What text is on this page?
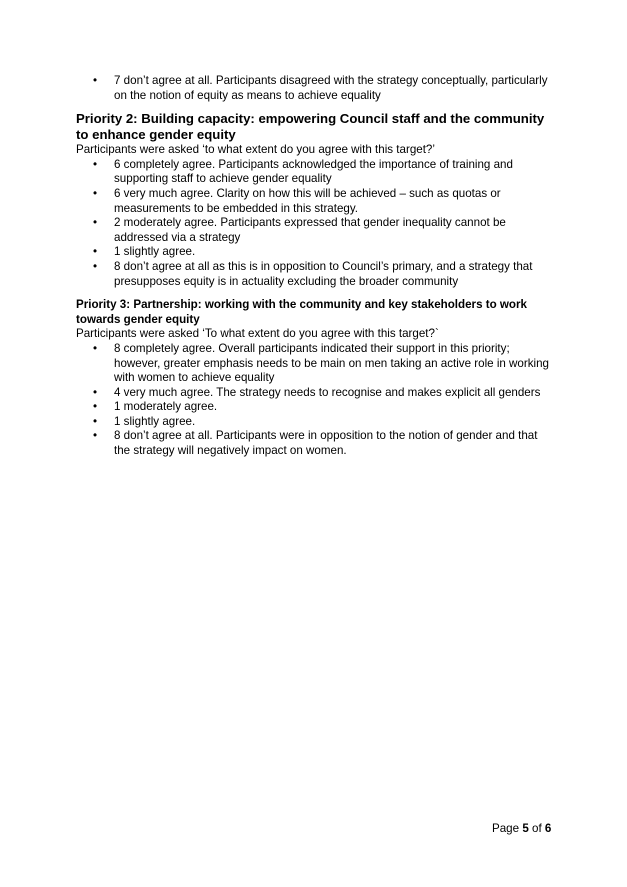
• 7 don’t agree at all. Participants disagreed with the strategy conceptually, particularly on the notion of equity as means to achieve equality

Priority 2: Building capacity: empowering Council staff and the community to enhance gender equity

Participants were asked ‘to what extent do you agree with this target?’

• 6 completely agree. Participants acknowledged the importance of training and supporting staff to achieve gender equality
• 6 very much agree. Clarity on how this will be achieved – such as quotas or measurements to be embedded in this strategy.
• 2 moderately agree. Participants expressed that gender inequality cannot be addressed via a strategy
• 1 slightly agree.
• 8 don’t agree at all as this is in opposition to Council’s primary, and a strategy that presupposes equity is in actuality excluding the broader community

Priority 3: Partnership: working with the community and key stakeholders to work towards gender equity

Participants were asked ‘To what extent do you agree with this target?`

• 8 completely agree. Overall participants indicated their support in this priority; however, greater emphasis needs to be main on men taking an active role in working with women to achieve equality
• 4 very much agree. The strategy needs to recognise and makes explicit all genders
• 1 moderately agree.
• 1 slightly agree.
• 8 don’t agree at all. Participants were in opposition to the notion of gender and that the strategy will negatively impact on women.
Page 5 of 6
